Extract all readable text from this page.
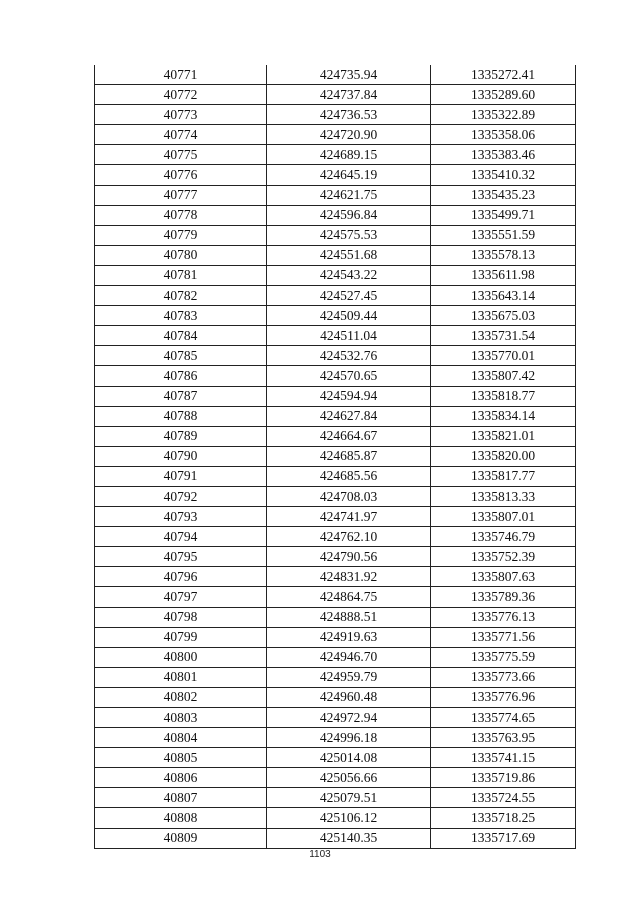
40771	424735.94	1335272.41
40772	424737.84	1335289.60
40773	424736.53	1335322.89
40774	424720.90	1335358.06
40775	424689.15	1335383.46
40776	424645.19	1335410.32
40777	424621.75	1335435.23
40778	424596.84	1335499.71
40779	424575.53	1335551.59
40780	424551.68	1335578.13
40781	424543.22	1335611.98
40782	424527.45	1335643.14
40783	424509.44	1335675.03
40784	424511.04	1335731.54
40785	424532.76	1335770.01
40786	424570.65	1335807.42
40787	424594.94	1335818.77
40788	424627.84	1335834.14
40789	424664.67	1335821.01
40790	424685.87	1335820.00
40791	424685.56	1335817.77
40792	424708.03	1335813.33
40793	424741.97	1335807.01
40794	424762.10	1335746.79
40795	424790.56	1335752.39
40796	424831.92	1335807.63
40797	424864.75	1335789.36
40798	424888.51	1335776.13
40799	424919.63	1335771.56
40800	424946.70	1335775.59
40801	424959.79	1335773.66
40802	424960.48	1335776.96
40803	424972.94	1335774.65
40804	424996.18	1335763.95
40805	425014.08	1335741.15
40806	425056.66	1335719.86
40807	425079.51	1335724.55
40808	425106.12	1335718.25
40809	425140.35	1335717.69
1103
